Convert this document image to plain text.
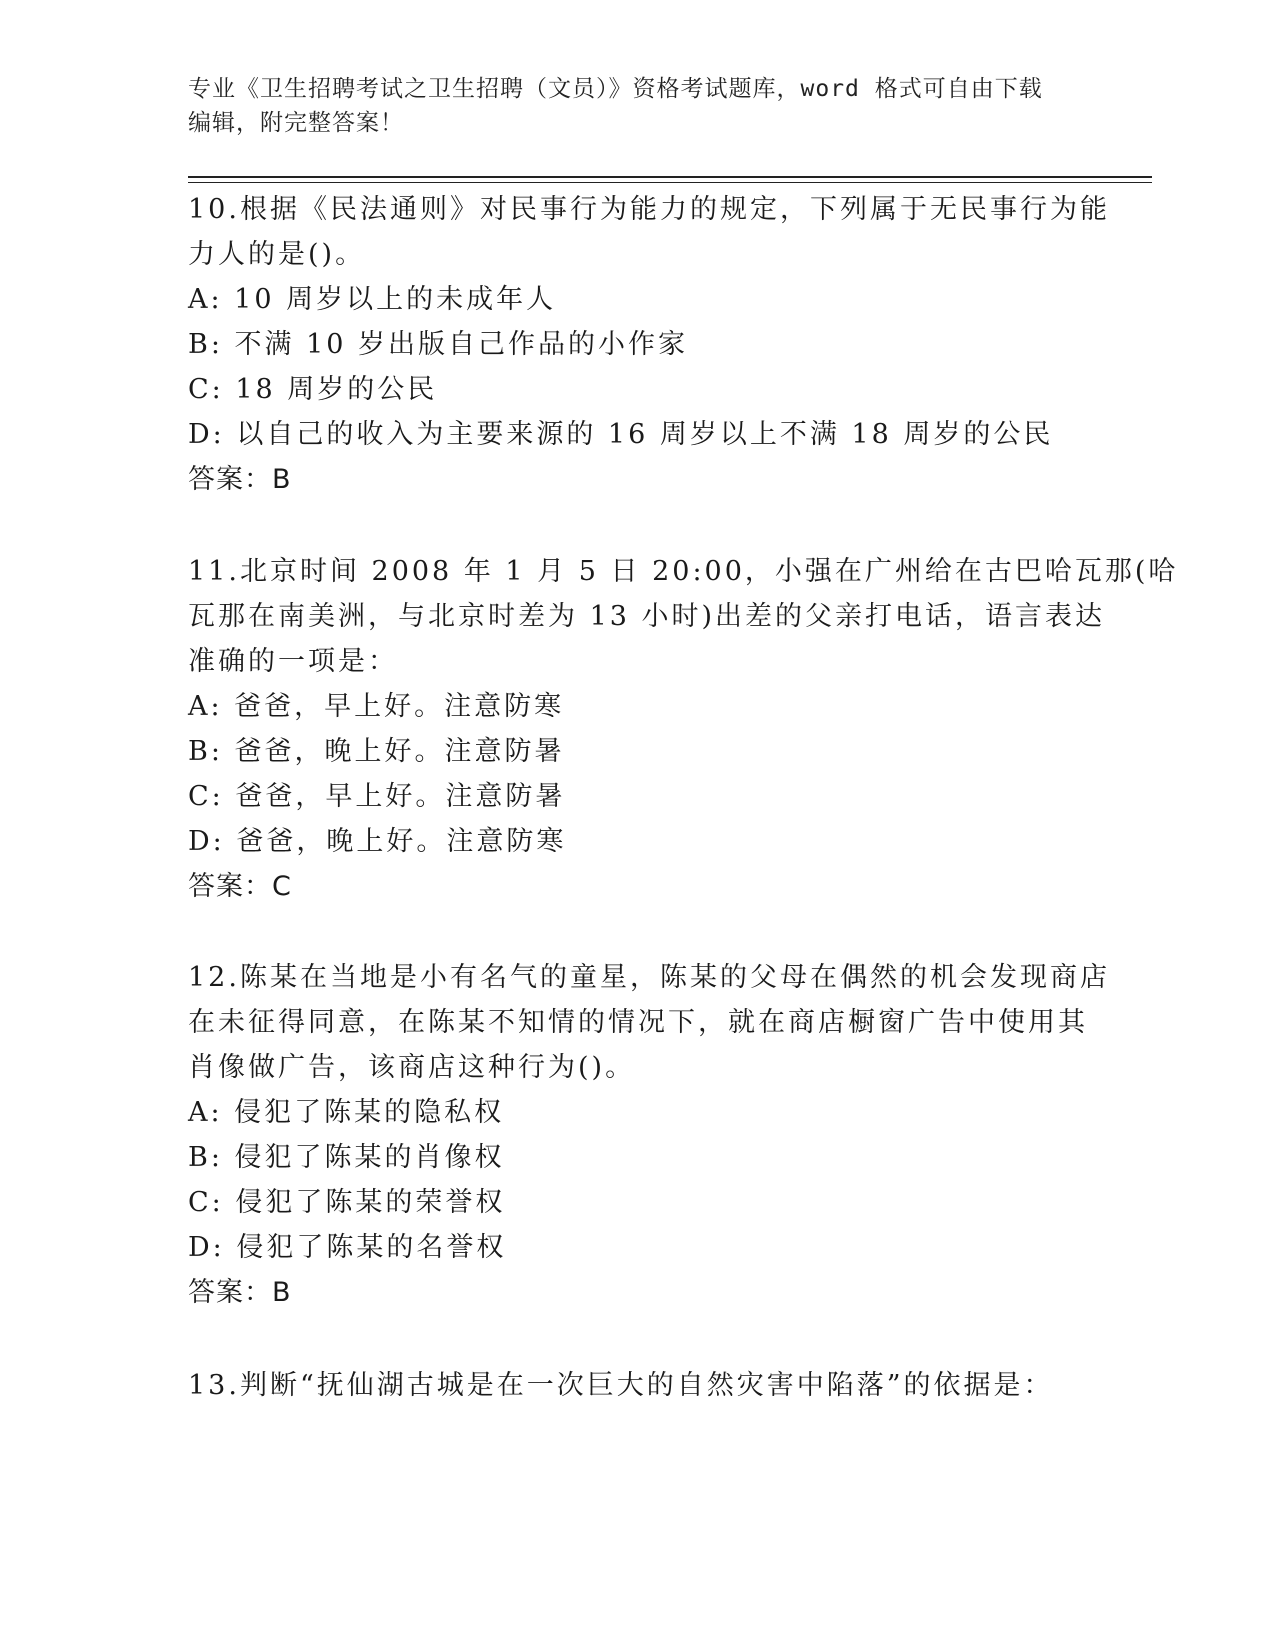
专业《卫生招聘考试之卫生招聘（文员）》资格考试题库，word 格式可自由下载
编辑，附完整答案！
10.根据《民法通则》对民事行为能力的规定，下列属于无民事行为能
力人的是()。
A: 10 周岁以上的未成年人
B: 不满 10 岁出版自己作品的小作家
C: 18 周岁的公民
D: 以自己的收入为主要来源的 16 周岁以上不满 18 周岁的公民
答案：B
11.北京时间 2008 年 1 月 5 日 20:00，小强在广州给在古巴哈瓦那(哈
瓦那在南美洲，与北京时差为 13 小时)出差的父亲打电话，语言表达
准确的一项是：
A: 爸爸，早上好。注意防寒
B: 爸爸，晚上好。注意防暑
C: 爸爸，早上好。注意防暑
D: 爸爸，晚上好。注意防寒
答案：C
12.陈某在当地是小有名气的童星，陈某的父母在偶然的机会发现商店
在未征得同意，在陈某不知情的情况下，就在商店橱窗广告中使用其
肖像做广告，该商店这种行为()。
A: 侵犯了陈某的隐私权
B: 侵犯了陈某的肖像权
C: 侵犯了陈某的荣誉权
D: 侵犯了陈某的名誉权
答案：B
13.判断“抚仙湖古城是在一次巨大的自然灾害中陷落”的依据是：
